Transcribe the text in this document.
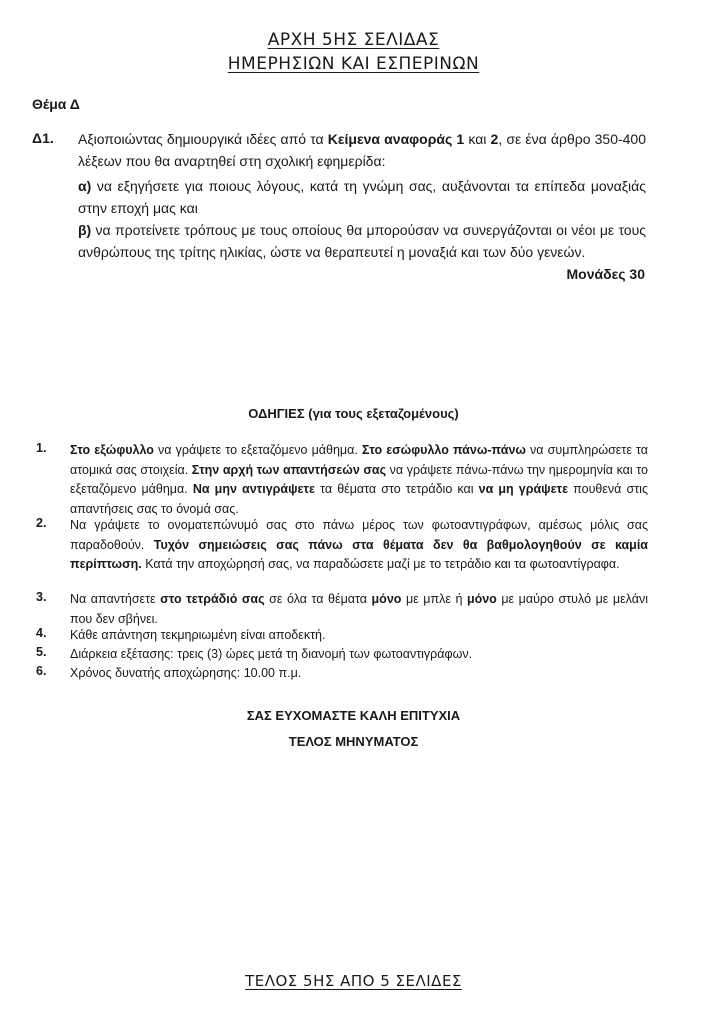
ΑΡΧΗ 5ΗΣ ΣΕΛΙΔΑΣ
ΗΜΕΡΗΣΙΩΝ ΚΑΙ ΕΣΠΕΡΙΝΩΝ
Θέμα Δ
Δ1. Αξιοποιώντας δημιουργικά ιδέες από τα Κείμενα αναφοράς 1 και 2, σε ένα άρθρο 350-400 λέξεων που θα αναρτηθεί στη σχολική εφημερίδα:
α) να εξηγήσετε για ποιους λόγους, κατά τη γνώμη σας, αυξάνονται τα επίπεδα μοναξιάς στην εποχή μας και
β) να προτείνετε τρόπους με τους οποίους θα μπορούσαν να συνεργάζονται οι νέοι με τους ανθρώπους της τρίτης ηλικίας, ώστε να θεραπευτεί η μοναξιά και των δύο γενεών.
Μονάδες 30
ΟΔΗΓΙΕΣ (για τους εξεταζομένους)
1. Στο εξώφυλλο να γράψετε το εξεταζόμενο μάθημα. Στο εσώφυλλο πάνω-πάνω να συμπληρώσετε τα ατομικά σας στοιχεία. Στην αρχή των απαντήσεών σας να γράψετε πάνω-πάνω την ημερομηνία και το εξεταζόμενο μάθημα. Να μην αντιγράψετε τα θέματα στο τετράδιο και να μη γράψετε πουθενά στις απαντήσεις σας το όνομά σας.
2. Να γράψετε το ονοματεπώνυμό σας στο πάνω μέρος των φωτοαντιγράφων, αμέσως μόλις σας παραδοθούν. Τυχόν σημειώσεις σας πάνω στα θέματα δεν θα βαθμολογηθούν σε καμία περίπτωση. Κατά την αποχώρησή σας, να παραδώσετε μαζί με το τετράδιο και τα φωτοαντίγραφα.
3. Να απαντήσετε στο τετράδιό σας σε όλα τα θέματα μόνο με μπλε ή μόνο με μαύρο στυλό με μελάνι που δεν σβήνει.
4. Κάθε απάντηση τεκμηριωμένη είναι αποδεκτή.
5. Διάρκεια εξέτασης: τρεις (3) ώρες μετά τη διανομή των φωτοαντιγράφων.
6. Χρόνος δυνατής αποχώρησης: 10.00 π.μ.
ΣΑΣ ΕΥΧΟΜΑΣΤΕ ΚΑΛΗ ΕΠΙΤΥΧΙΑ
ΤΕΛΟΣ ΜΗΝΥΜΑΤΟΣ
ΤΕΛΟΣ 5ΗΣ ΑΠΟ 5 ΣΕΛΙΔΕΣ
